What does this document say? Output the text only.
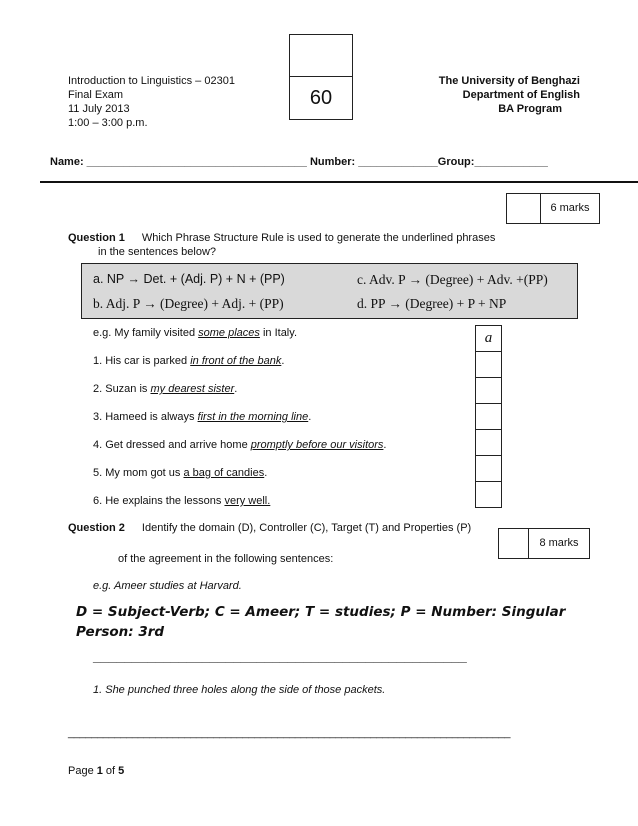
Introduction to Linguistics – 02301
Final Exam
11 July 2013
1:00 – 3:00 p.m.
60
The University of Benghazi
Department of English
BA Program
Name: ____________________________________ Number: _____________Group:____________
6 marks
Question 1 Which Phrase Structure Rule is used to generate the underlined phrases
in the sentences below?
a. NP → Det. + (Adj. P) + N + (PP)
b. Adj. P → (Degree) + Adj. + (PP)
c. Adv. P → (Degree) + Adv. +(PP)
d. PP → (Degree) + P + NP
a
e.g. My family visited some places in Italy.
1. His car is parked in front of the bank.
2. Suzan is my dearest sister.
3. Hameed is always first in the morning line.
4. Get dressed and arrive home promptly before our visitors.
5. My mom got us a bag of candies.
6. He explains the lessons very well.
Question 2 Identify the domain (D), Controller (C), Target (T) and Properties (P)
8 marks
of the agreement in the following sentences:
e.g. Ameer studies at Harvard.
D = Subject-Verb; C = Ameer; T = studies; P = Number: Singular
Person: 3rd
________________________________________________
1. She punched three holes along the side of those packets.
____________________________________________________________________________
Page 1 of 5
